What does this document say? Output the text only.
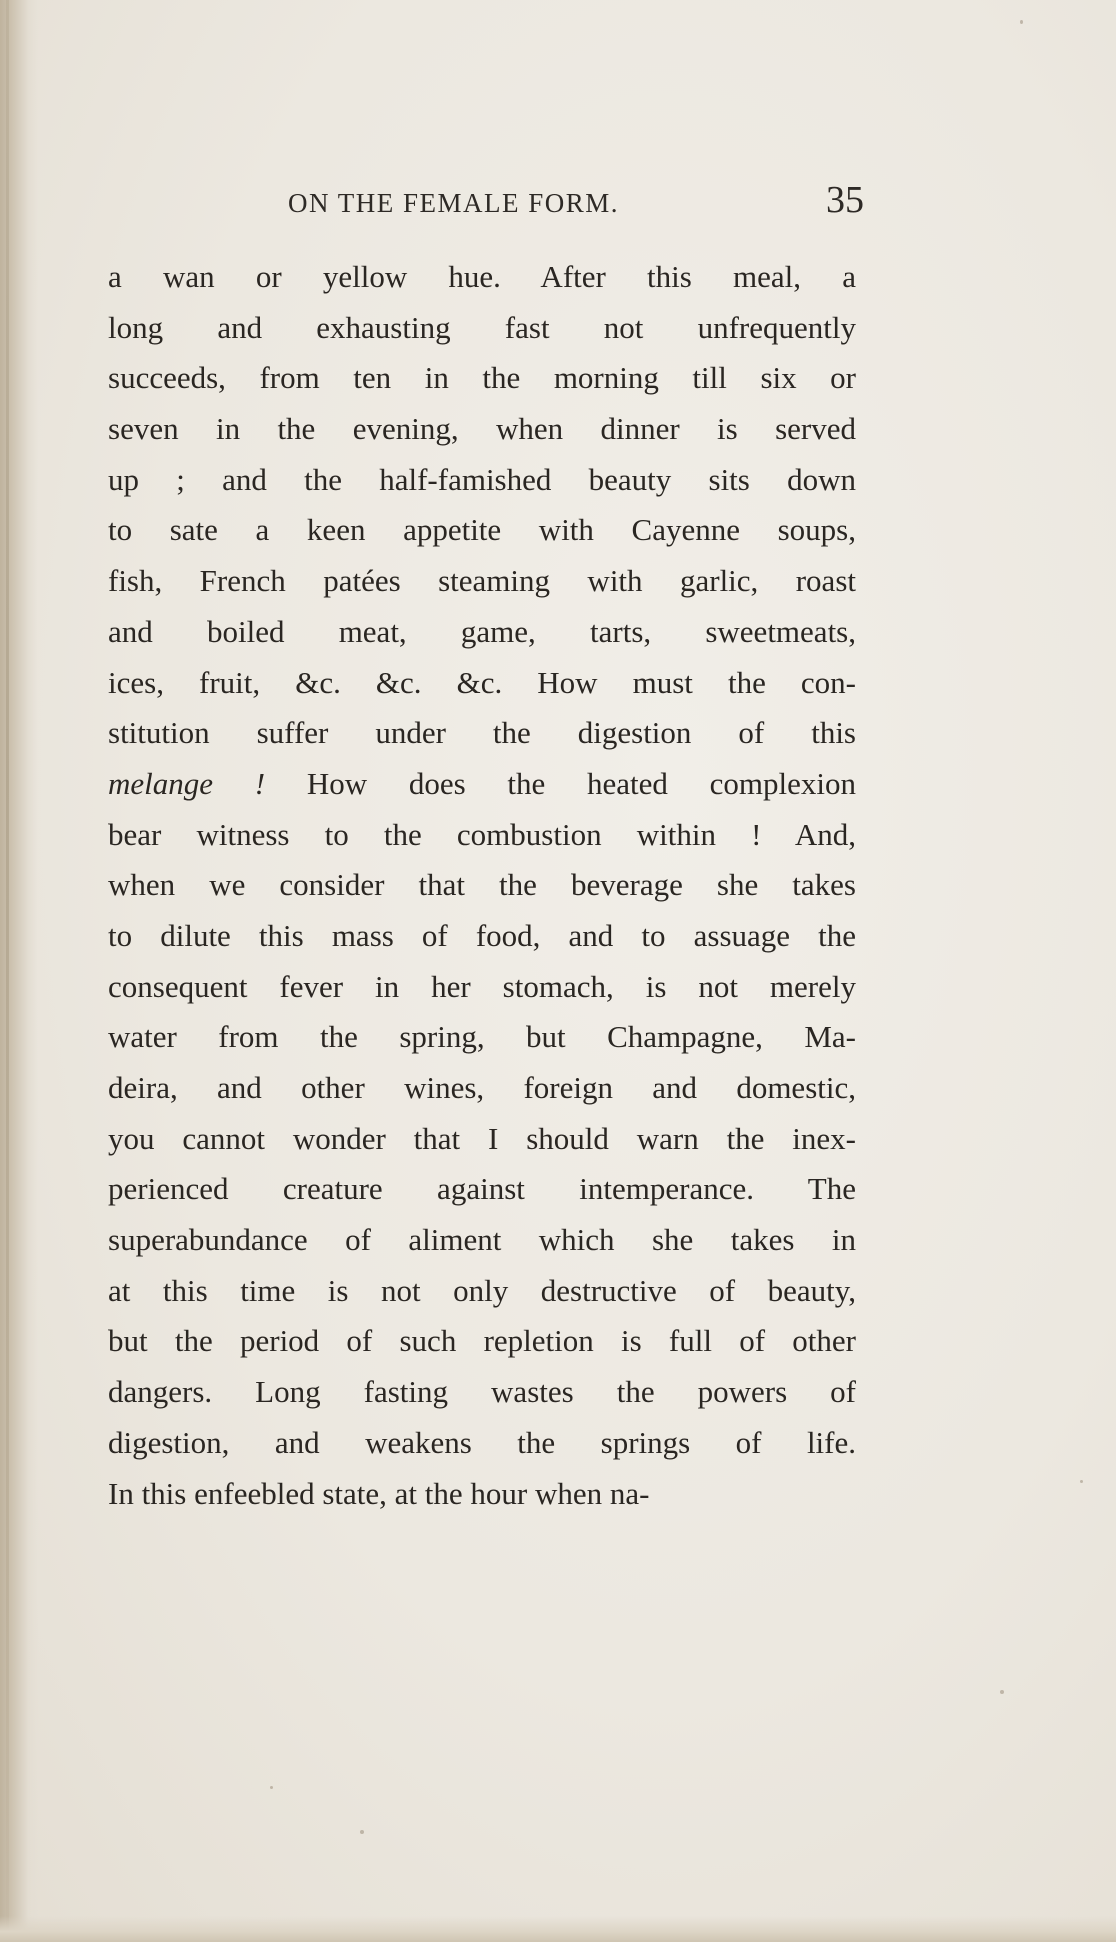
ON THE FEMALE FORM.	35
a wan or yellow hue. After this meal, a
long and exhausting fast not unfrequently
succeeds, from ten in the morning till six or
seven in the evening, when dinner is served
up ; and the half-famished beauty sits down
to sate a keen appetite with Cayenne soups,
fish, French patées steaming with garlic, roast
and boiled meat, game, tarts, sweetmeats,
ices, fruit, &c. &c. &c. How must the con-
stitution suffer under the digestion of this
melange ! How does the heated complexion
bear witness to the combustion within ! And,
when we consider that the beverage she takes
to dilute this mass of food, and to assuage the
consequent fever in her stomach, is not merely
water from the spring, but Champagne, Ma-
deira, and other wines, foreign and domestic,
you cannot wonder that I should warn the inex-
perienced creature against intemperance. The
superabundance of aliment which she takes in
at this time is not only destructive of beauty,
but the period of such repletion is full of other
dangers. Long fasting wastes the powers of
digestion, and weakens the springs of life.
In this enfeebled state, at the hour when na-
